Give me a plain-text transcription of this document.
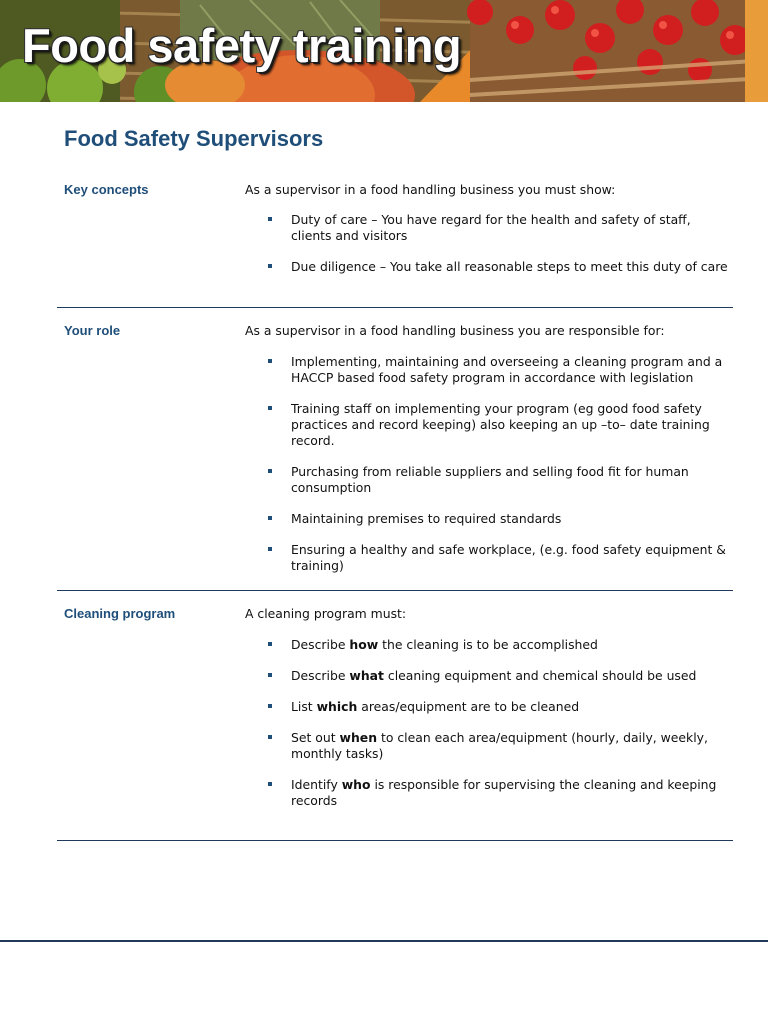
Food safety training
Food Safety Supervisors
Key concepts	As a supervisor in a food handling business you must show:
Duty of care – You have regard for the health and safety of staff, clients and visitors
Due diligence – You take all reasonable steps to meet this duty of care
Your role	As a supervisor in a food handling business you are responsible for:
Implementing, maintaining and overseeing a cleaning program and a HACCP based food safety program in accordance with legislation
Training staff on implementing your program (eg good food safety practices and record keeping) also keeping an up –to– date training record.
Purchasing from reliable suppliers and selling food fit for human consumption
Maintaining premises to required standards
Ensuring a healthy and safe workplace, (e.g. food safety equipment & training)
Cleaning program	A cleaning program must:
Describe how the cleaning is to be accomplished
Describe what cleaning equipment and chemical should be used
List which areas/equipment are to be cleaned
Set out when to clean each area/equipment (hourly, daily, weekly, monthly tasks)
Identify who is responsible for supervising the cleaning and keeping records
